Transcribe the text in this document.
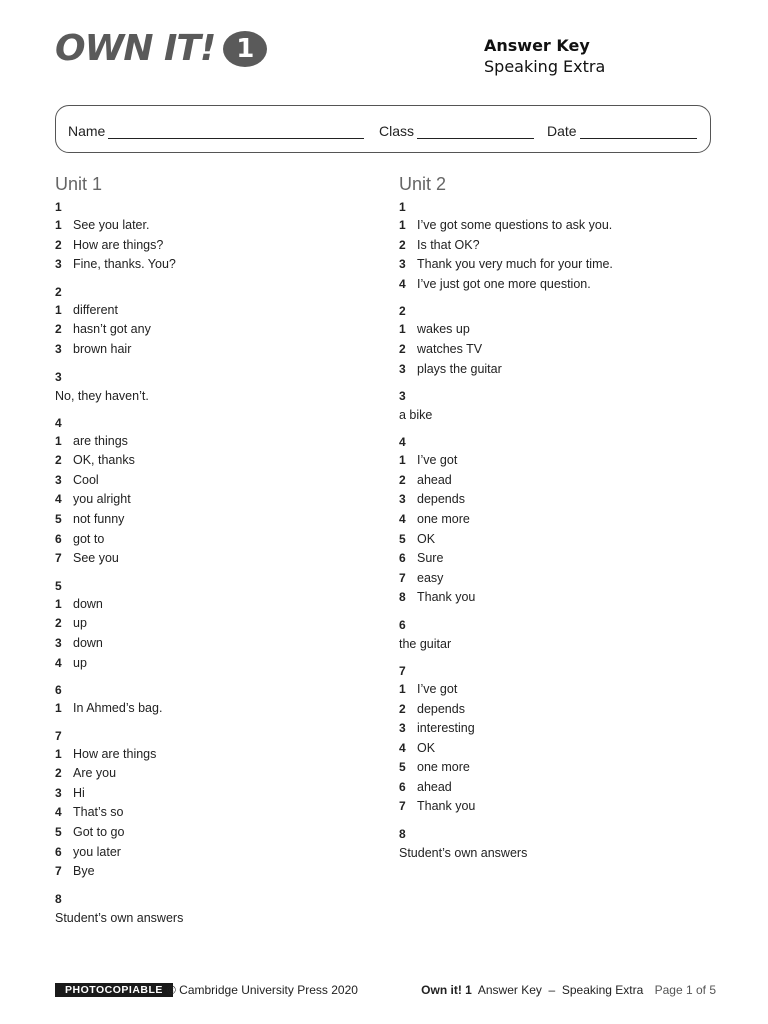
OWN IT! 1	Answer Key
Speaking Extra
Name	Class	Date
Unit 1
1
1 See you later.
2 How are things?
3 Fine, thanks. You?
2
1 different
2 hasn’t got any
3 brown hair
3
No, they haven’t.
4
1 are things
2 OK, thanks
3 Cool
4 you alright
5 not funny
6 got to
7 See you
5
1 down
2 up
3 down
4 up
6
1 In Ahmed’s bag.
7
1 How are things
2 Are you
3 Hi
4 That’s so
5 Got to go
6 you later
7 Bye
8
Student’s own answers
Unit 2
1
1 I’ve got some questions to ask you.
2 Is that OK?
3 Thank you very much for your time.
4 I’ve just got one more question.
2
1 wakes up
2 watches TV
3 plays the guitar
3
a bike
4
1 I’ve got
2 ahead
3 depends
4 one more
5 OK
6 Sure
7 easy
8 Thank you
6
the guitar
7
1 I’ve got
2 depends
3 interesting
4 OK
5 one more
6 ahead
7 Thank you
8
Student’s own answers
PHOTOCOPIABLE © Cambridge University Press 2020	Own it! 1 Answer Key  –  Speaking Extra Page 1 of 5
